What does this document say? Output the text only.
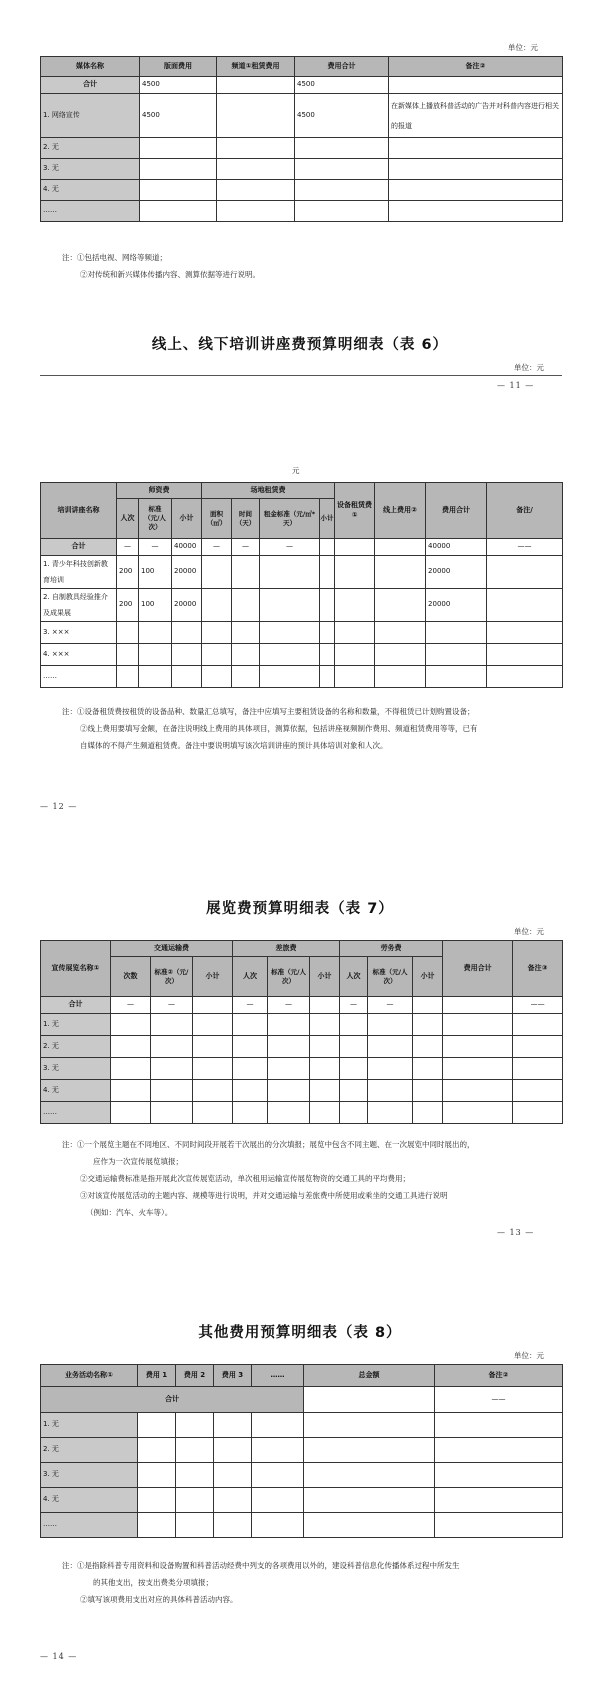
单位：元
媒体名称	版面费用	频道①租赁费用	费用合计	备注②
合计	4500		4500	
1. 网络宣传	4500		4500	在新媒体上播放科普活动的广告并对科普内容进行相关的报道
2. 无				
3. 无				
4. 无				
……				
注：①包括电视、网络等频道；
②对传统和新兴媒体传播内容、测算依据等进行说明。
线上、线下培训讲座费预算明细表（表 6）
单位：元
— 11 —
元
培训讲座名称	师资费			场地租赁费				设备租赁费①	线上费用②	费用合计	备注/
	人次	标准（元/人次）	小计	面积（㎡）	时间（天）	租金标准（元/㎡*天）	小计				
合计	—	—	40000	—	—	—				40000	——
1. 青少年科技创新教育培训	200	100	20000							20000	
2. 自制教具经验推介及成果展	200	100	20000							20000	
3. ×××											
4. ×××											
……											
注：①设备租赁费按租赁的设备品种、数量汇总填写，备注中应填写主要租赁设备的名称和数量，不得租赁已计划购置设备；
②线上费用要填写金额，在备注说明线上费用的具体项目，测算依据，包括讲座视频制作费用、频道租赁费用等等，已有
自媒体的不得产生频道租赁费。备注中要说明填写该次培训讲座的预计具体培训对象和人次。
— 12 —
展览费预算明细表（表 7）
单位：元
宣传展览名称①	交通运输费			差旅费			劳务费			费用合计	备注③
	次数	标准②（元/次）	小计	人次	标准（元/人次）	小计	人次	标准（元/人次）	小计		
合计	—	—		—	—		—	—			——
1. 无											
2. 无											
3. 无											
4. 无											
……											
注：①一个展览主题在不同地区、不同时间段开展若干次展出的分次填报；展览中包含不同主题、在一次展览中同时展出的，
应作为一次宣传展览填报；
②交通运输费标准是指开展此次宣传展览活动，单次租用运输宣传展览物资的交通工具的平均费用；
③对该宣传展览活动的主题内容、规模等进行说明，并对交通运输与差旅费中所使用或乘坐的交通工具进行说明
（例如：汽车、火车等）。
— 13 —
其他费用预算明细表（表 8）
单位：元
业务活动名称①	费用 1	费用 2	费用 3	……	总金额	备注②
合计						——
1. 无						
2. 无						
3. 无						
4. 无						
……						
注：①是指除科普专用资料和设备购置和科普活动经费中列支的各项费用以外的，建设科普信息化传播体系过程中所发生
的其他支出，按支出费类分项填报；
②填写该项费用支出对应的具体科普活动内容。
— 14 —
